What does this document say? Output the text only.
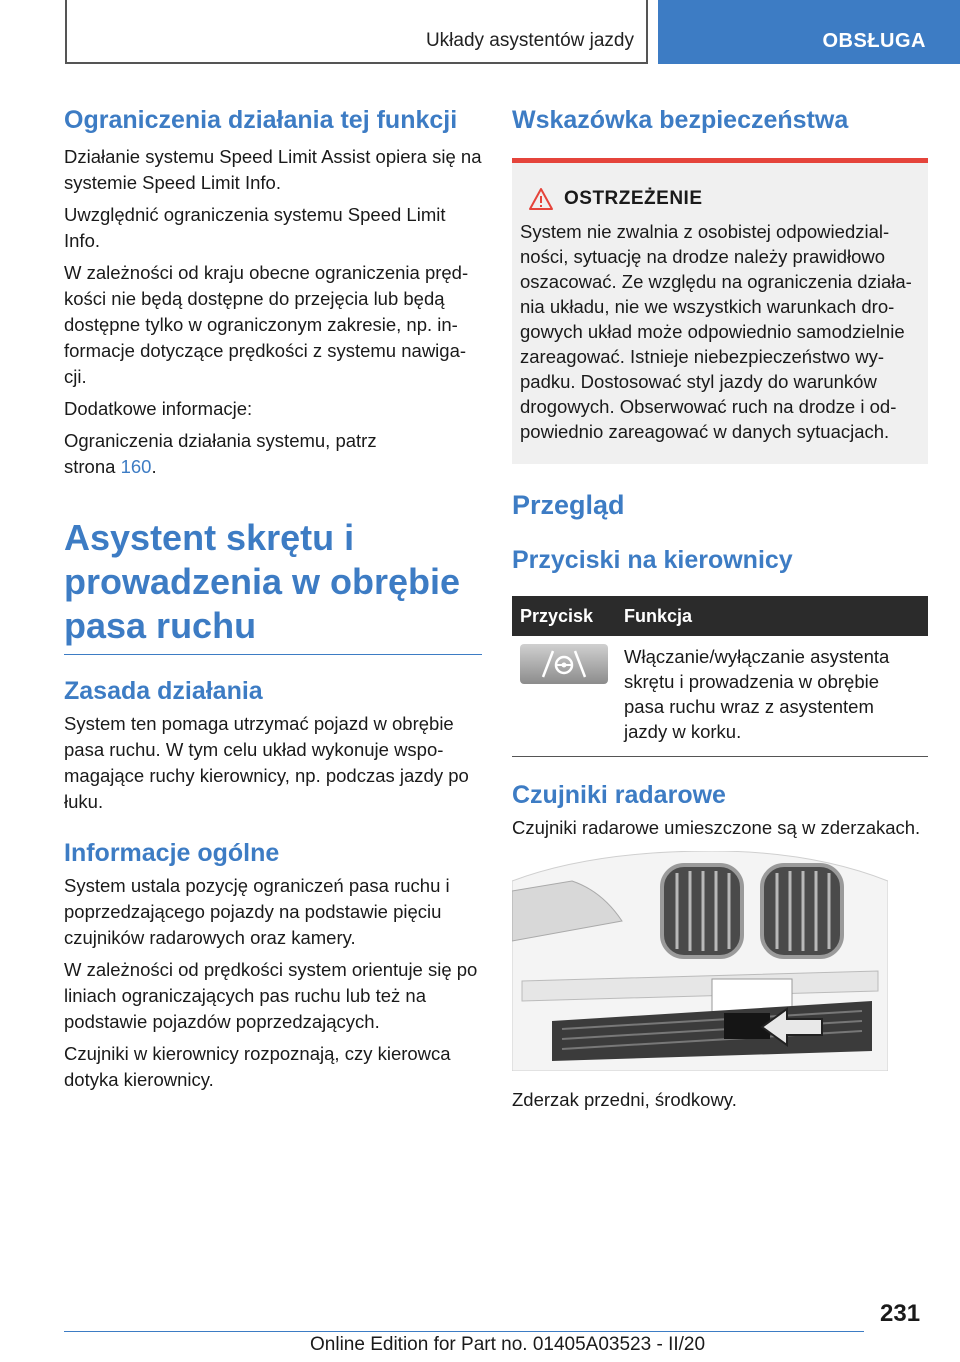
Układy asystentów jazdy	OBSŁUGA
Ograniczenia działania tej funkcji

Działanie systemu Speed Limit Assist opiera się na systemie Speed Limit Info.

Uwzględnić ograniczenia systemu Speed Limit Info.

W zależności od kraju obecne ograniczenia prędkości nie będą dostępne do przejęcia lub będą dostępne tylko w ograniczonym zakresie, np. informacje dotyczące prędkości z systemu nawigacji.

Dodatkowe informacje:

Ograniczenia działania systemu, patrz strona 160.

Asystent skrętu i prowadzenia w obrębie pasa ruchu
Zasada działania

System ten pomaga utrzymać pojazd w obrębie pasa ruchu. W tym celu układ wykonuje wspomagające ruchy kierownicy, np. podczas jazdy po łuku.

Informacje ogólne

System ustala pozycję ograniczeń pasa ruchu i poprzedzającego pojazdy na podstawie pięciu czujników radarowych oraz kamery.

W zależności od prędkości system orientuje się po liniach ograniczających pas ruchu lub też na podstawie pojazdów poprzedzających.

Czujniki w kierownicy rozpoznają, czy kierowca dotyka kierownicy.

Wskazówka bezpieczeństwa
OSTRZEŻENIE

System nie zwalnia z osobistej odpowiedzialności, sytuację na drodze należy prawidłowo oszacować. Ze względu na ograniczenia działania układu, nie we wszystkich warunkach drogowych układ może odpowiednio samodzielnie zareagować. Istnieje niebezpieczeństwo wypadku. Dostosować styl jazdy do warunków drogowych. Obserwować ruch na drodze i odpowiednio zareagować w danych sytuacjach.

Przegląd
Przyciski na kierownicy
Przycisk	Funkcja

	Włączanie/wyłączanie asystenta skrętu i prowadzenia w obrębie pasa ruchu wraz z asystentem jazdy w korku.
Czujniki radarowe

Czujniki radarowe umieszczone są w zderzakach.

Zderzak przedni, środkowy.

231
Online Edition for Part no. 01405A03523 - II/20
